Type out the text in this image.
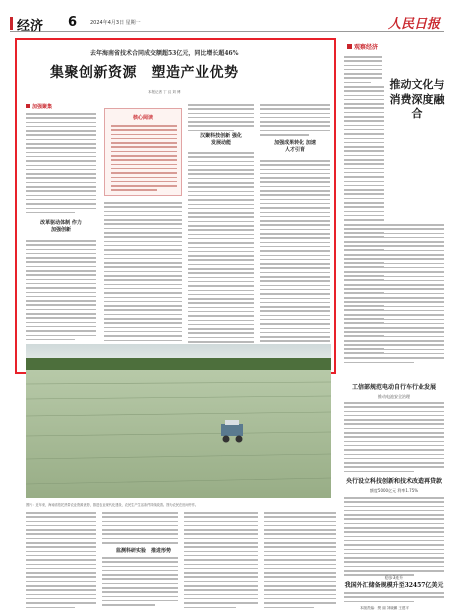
经济 6	2024年4月3日 星期一	人民日报
去年海南省技术合同成交额超53亿元，同比增长超46%
集聚创新资源　塑造产业优势
本报记者 丁 汉 刘 博
加强聚集
改革驱动体制 作力加强创新
核心阅读
汉聚科技创新 强化发展动能	加强成果转化 加速人才引育
观察经济
推动文化与消费深度融合
图片：近年来，海南省依托热带农业资源优势，推进农业现代化建设，农民生产生活条件持续改善。图为农民在田间劳作。
工信部规范电动自行车行业发展
推动电池安全治理
央行设立科技创新和技术改造再贷款
额度5000亿元 利率1.75%
稳步3连升
我国外汇储备规模升至32457亿美元
监测科研实验　推进形势
本版责编：樊 丽 刘晓鹏 王建平
